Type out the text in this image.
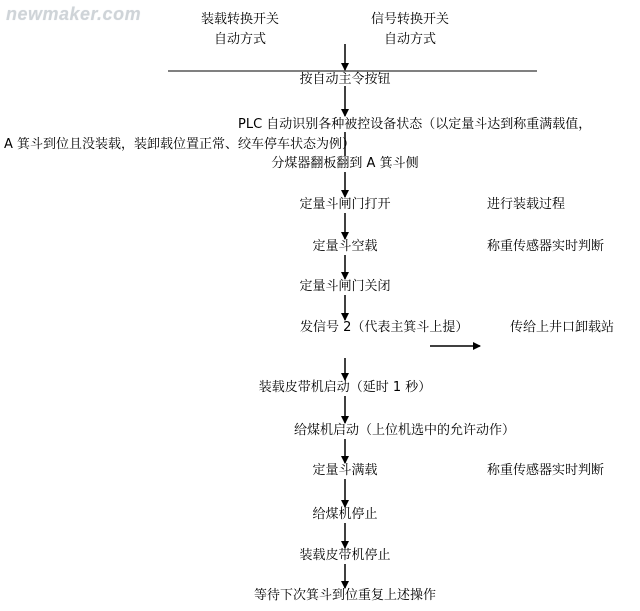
newmaker.com	装载转换开关
自动方式
信号转换开关
自动方式
按自动主令按钮
PLC 自动识别各种被控设备状态（以定量斗达到称重满载值，
A 箕斗到位且没装载，装卸载位置正常、绞车停车状态为例）
分煤器翻板翻到 A 箕斗侧
定量斗闸门打开	进行装载过程
定量斗空载	称重传感器实时判断
定量斗闸门关闭
发信号 2（代表主箕斗上提）	传给上井口卸载站
装载皮带机启动（延时 1 秒）
给煤机启动（上位机选中的允许动作）
定量斗满载	称重传感器实时判断
给煤机停止
装载皮带机停止
等待下次箕斗到位重复上述操作
